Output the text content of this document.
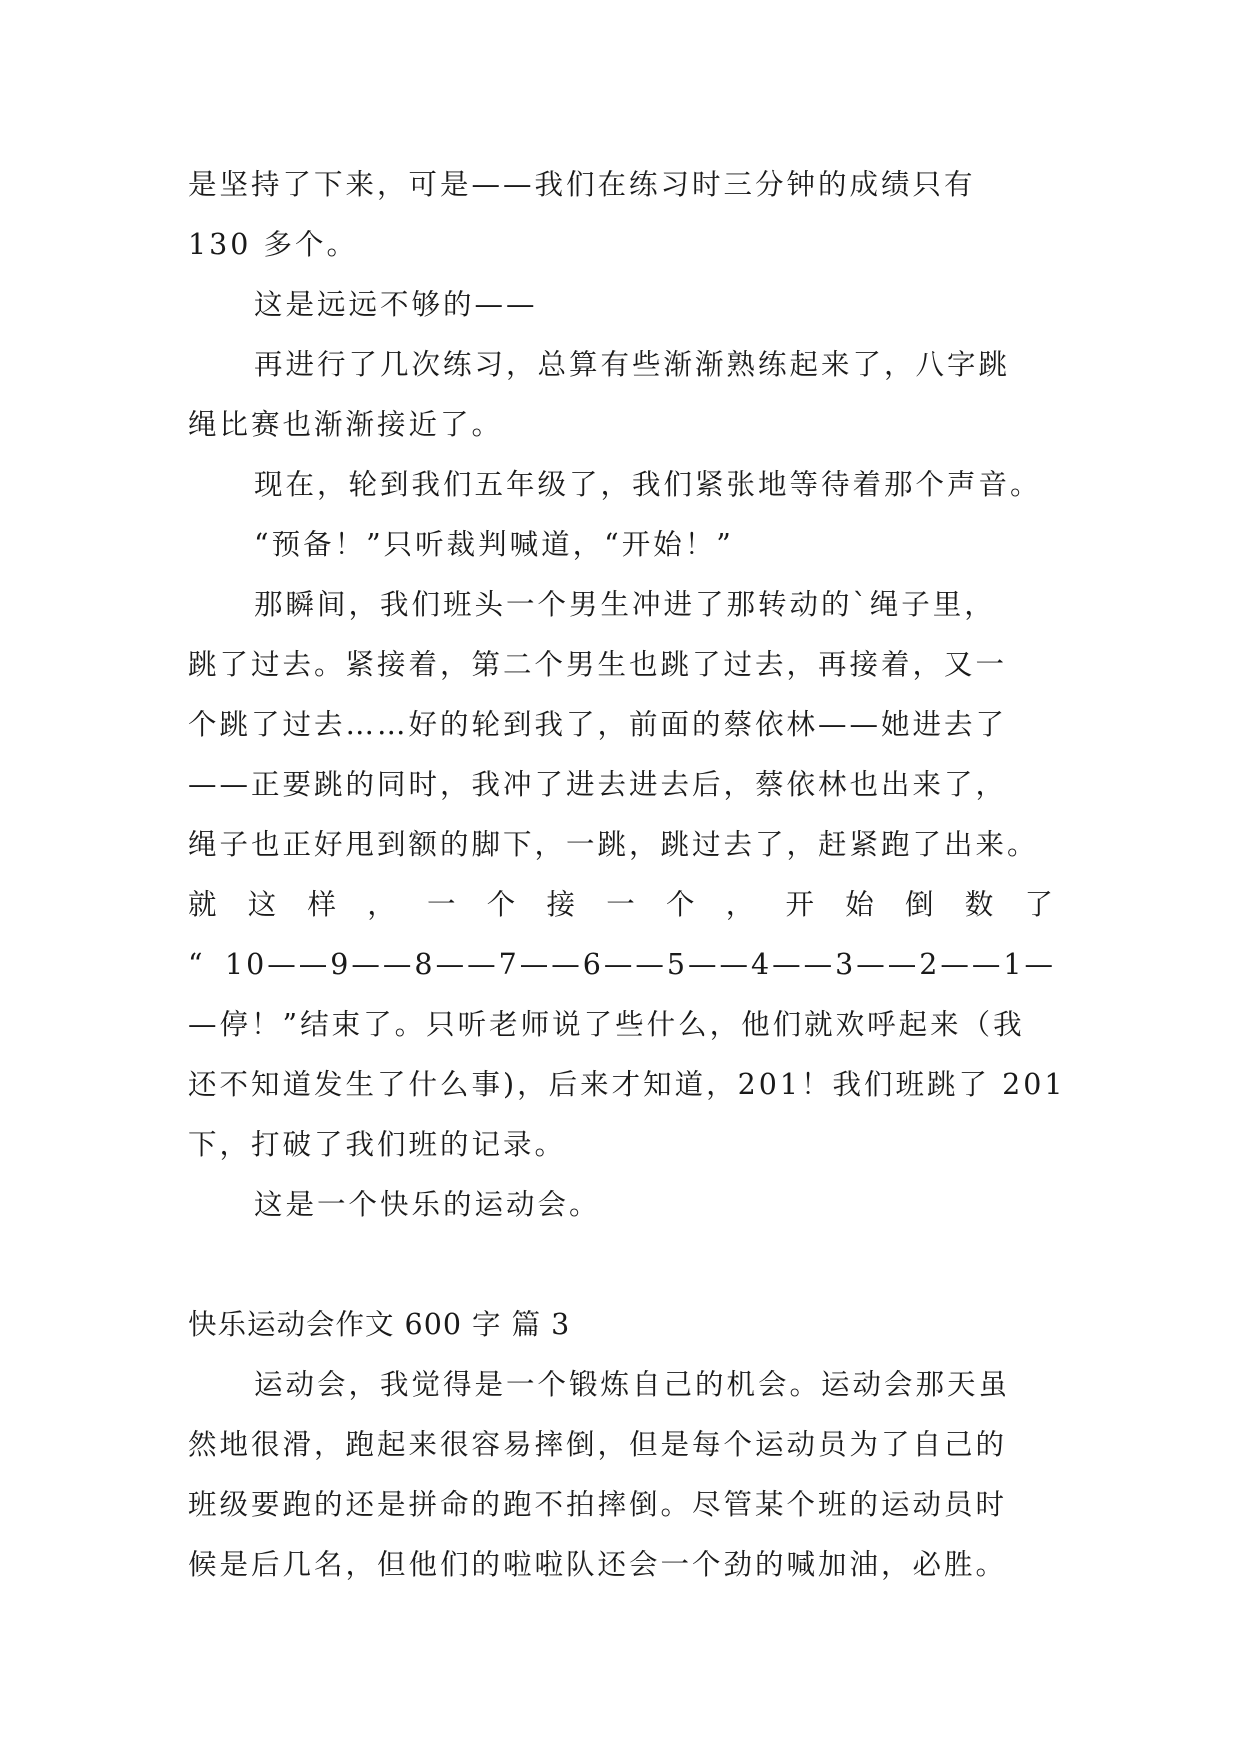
是坚持了下来，可是——我们在练习时三分钟的成绩只有
130 多个。
这是远远不够的——
再进行了几次练习，总算有些渐渐熟练起来了，八字跳
绳比赛也渐渐接近了。
现在，轮到我们五年级了，我们紧张地等待着那个声音。
“预备！”只听裁判喊道，“开始！”
那瞬间，我们班头一个男生冲进了那转动的`绳子里，
跳了过去。紧接着，第二个男生也跳了过去，再接着，又一
个跳了过去……好的轮到我了，前面的蔡依林——她进去了
——正要跳的同时，我冲了进去进去后，蔡依林也出来了，
绳子也正好甩到额的脚下，一跳，跳过去了，赶紧跑了出来。
就 这 样 ， 一 个 接 一 个 ， 开 始 倒 数 了
“ 10——9——8——7——6——5——4——3——2——1—
—停！”结束了。只听老师说了些什么，他们就欢呼起来（我
还不知道发生了什么事)，后来才知道，201！我们班跳了 201
下，打破了我们班的记录。
这是一个快乐的运动会。
快乐运动会作文 600 字 篇 3
运动会，我觉得是一个锻炼自己的机会。运动会那天虽
然地很滑，跑起来很容易摔倒，但是每个运动员为了自己的
班级要跑的还是拼命的跑不拍摔倒。尽管某个班的运动员时
候是后几名，但他们的啦啦队还会一个劲的喊加油，必胜。
